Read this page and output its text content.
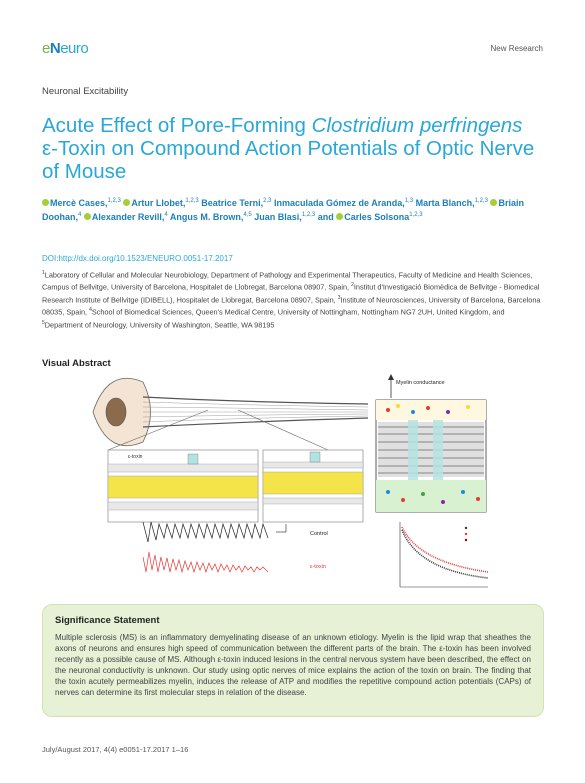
eNeuro	New Research
Neuronal Excitability
Acute Effect of Pore-Forming Clostridium perfringens ε-Toxin on Compound Action Potentials of Optic Nerve of Mouse
Mercè Cases,$^{1,2,3}$ Artur Llobet,$^{1,2,3}$ Beatrice Terni,$^{2,3}$ Inmaculada Gómez de Aranda,$^{1,3}$ Marta Blanch,$^{1,2,3}$ Briain Doohan,$^4$ Alexander Revill,$^4$ Angus M. Brown,$^{4,5}$ Juan Blasi,$^{1,2,3}$ and Carles Solsona$^{1,2,3}$
DOI:http://dx.doi.org/10.1523/ENEURO.0051-17.2017
$^1$Laboratory of Cellular and Molecular Neurobiology, Department of Pathology and Experimental Therapeutics, Faculty of Medicine and Health Sciences, Campus of Bellvitge, University of Barcelona, Hospitalet de Llobregat, Barcelona 08907, Spain, $^2$Institut d'Investigació Biomèdica de Bellvitge - Biomedical Research Institute of Bellvitge (IDIBELL), Hospitalet de Llobregat, Barcelona 08907, Spain, $^3$Institute of Neurosciences, University of Barcelona, Barcelona 08035, Spain, $^4$School of Biomedical Sciences, Queen's Medical Centre, University of Nottingham, Nottingham NG7 2UH, United Kingdom, and $^5$Department of Neurology, University of Washington, Seattle, WA 98195
Visual Abstract
ε-toxin
Myelin conductance
Control
ε-toxin
Significance Statement
Multiple sclerosis (MS) is an inflammatory demyelinating disease of an unknown etiology. Myelin is the lipid wrap that sheathes the axons of neurons and ensures high speed of communication between the different parts of the brain. The ε-toxin has been involved recently as a possible cause of MS. Although ε-toxin induced lesions in the central nervous system have been described, the effect on the neuronal conductivity is unknown. Our study using optic nerves of mice explains the action of the toxin on brain. The finding that the toxin acutely permeabilizes myelin, induces the release of ATP and modifies the repetitive compound action potentials (CAPs) of nerves can determine its first molecular steps in relation of the disease.
July/August 2017, 4(4) e0051-17.2017 1–16
